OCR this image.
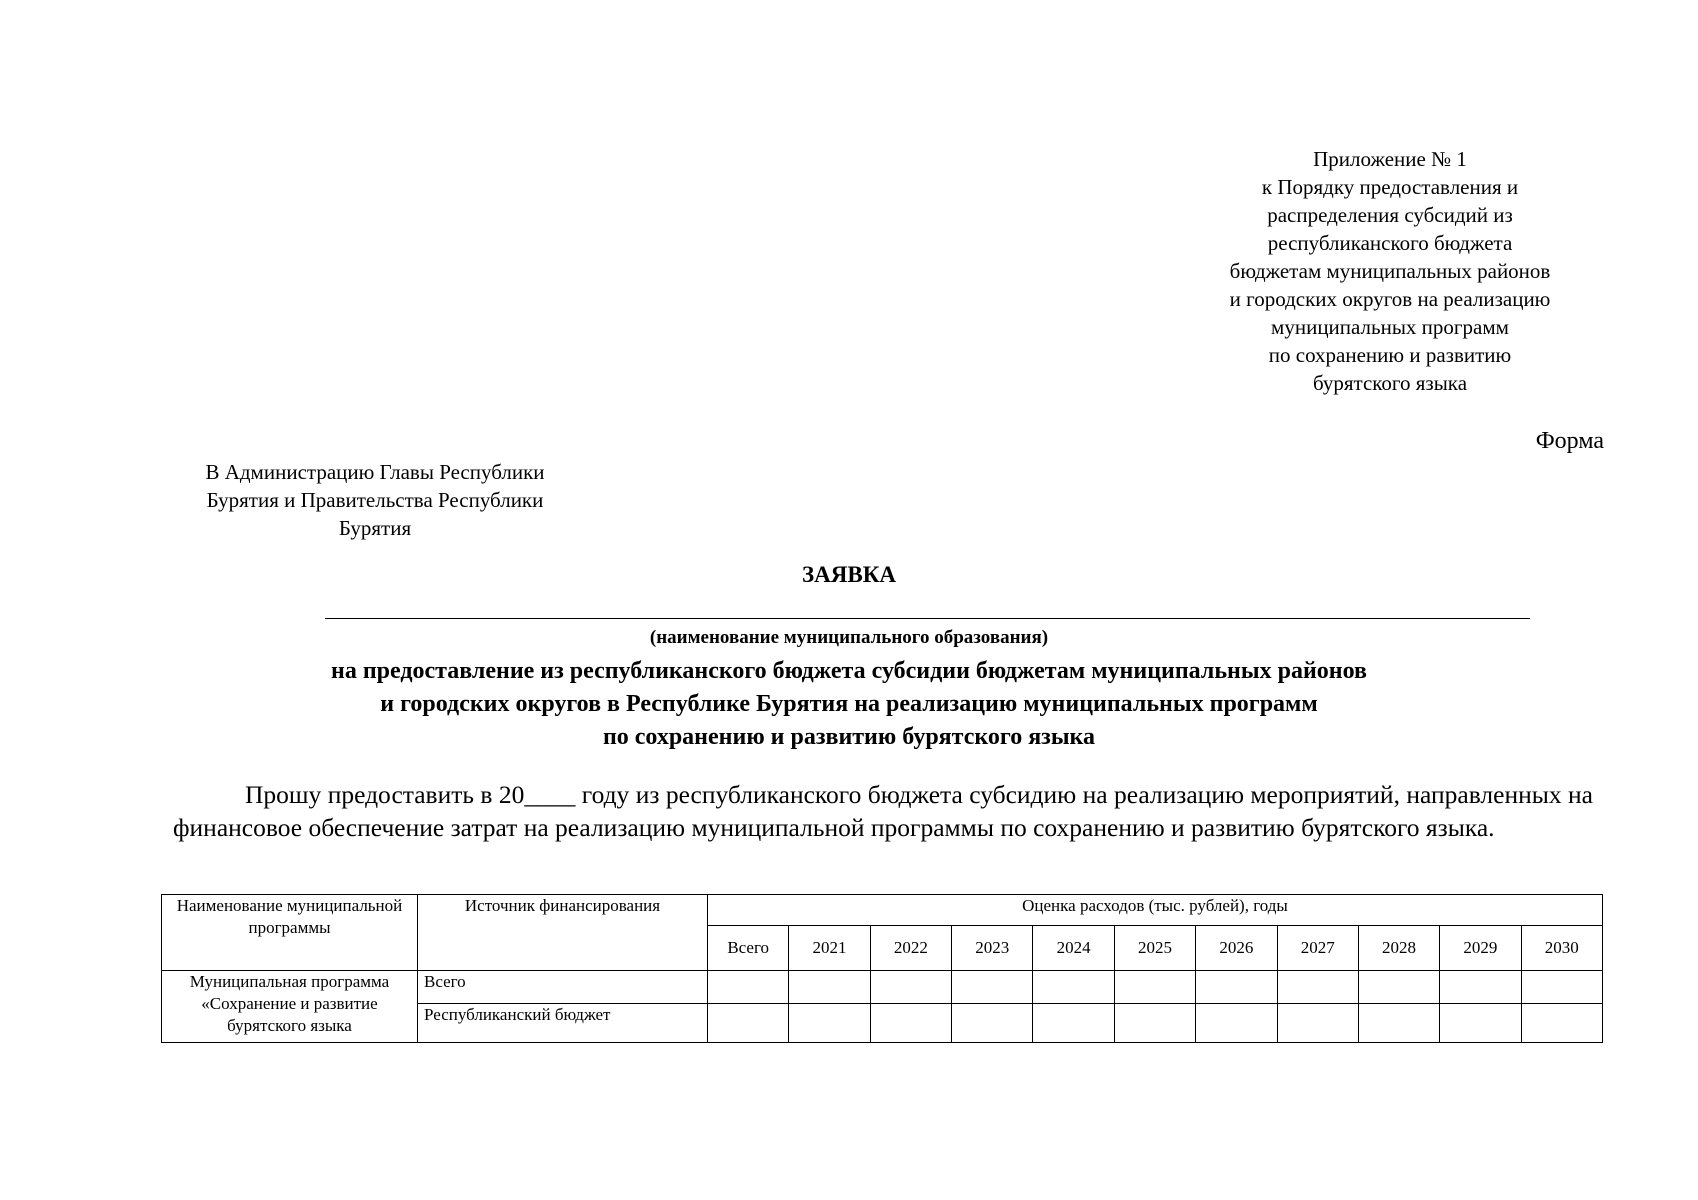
Приложение № 1
к Порядку предоставления и
распределения субсидий из
республиканского бюджета
бюджетам муниципальных районов
и городских округов на реализацию
муниципальных программ
по сохранению и развитию
бурятского языка
Форма
В Администрацию Главы Республики
Бурятия и Правительства Республики
Бурятия
ЗАЯВКА
(наименование муниципального образования)
на предоставление из республиканского бюджета субсидии бюджетам муниципальных районов
и городских округов в Республике Бурятия на реализацию муниципальных программ
по сохранению и развитию бурятского языка

Прошу предоставить в 20____ году из республиканского бюджета субсидию на реализацию мероприятий, направленных на финансовое обеспечение затрат на реализацию муниципальной программы по сохранению и развитию бурятского языка.

Наименование муниципальной программы	Источник финансирования	Оценка расходов (тыс. рублей), годы										
		Всего	2021	2022	2023	2024	2025	2026	2027	2028	2029	2030
Муниципальная программа «Сохранение и развитие бурятского языка	Всего											
	Республиканский бюджет											
